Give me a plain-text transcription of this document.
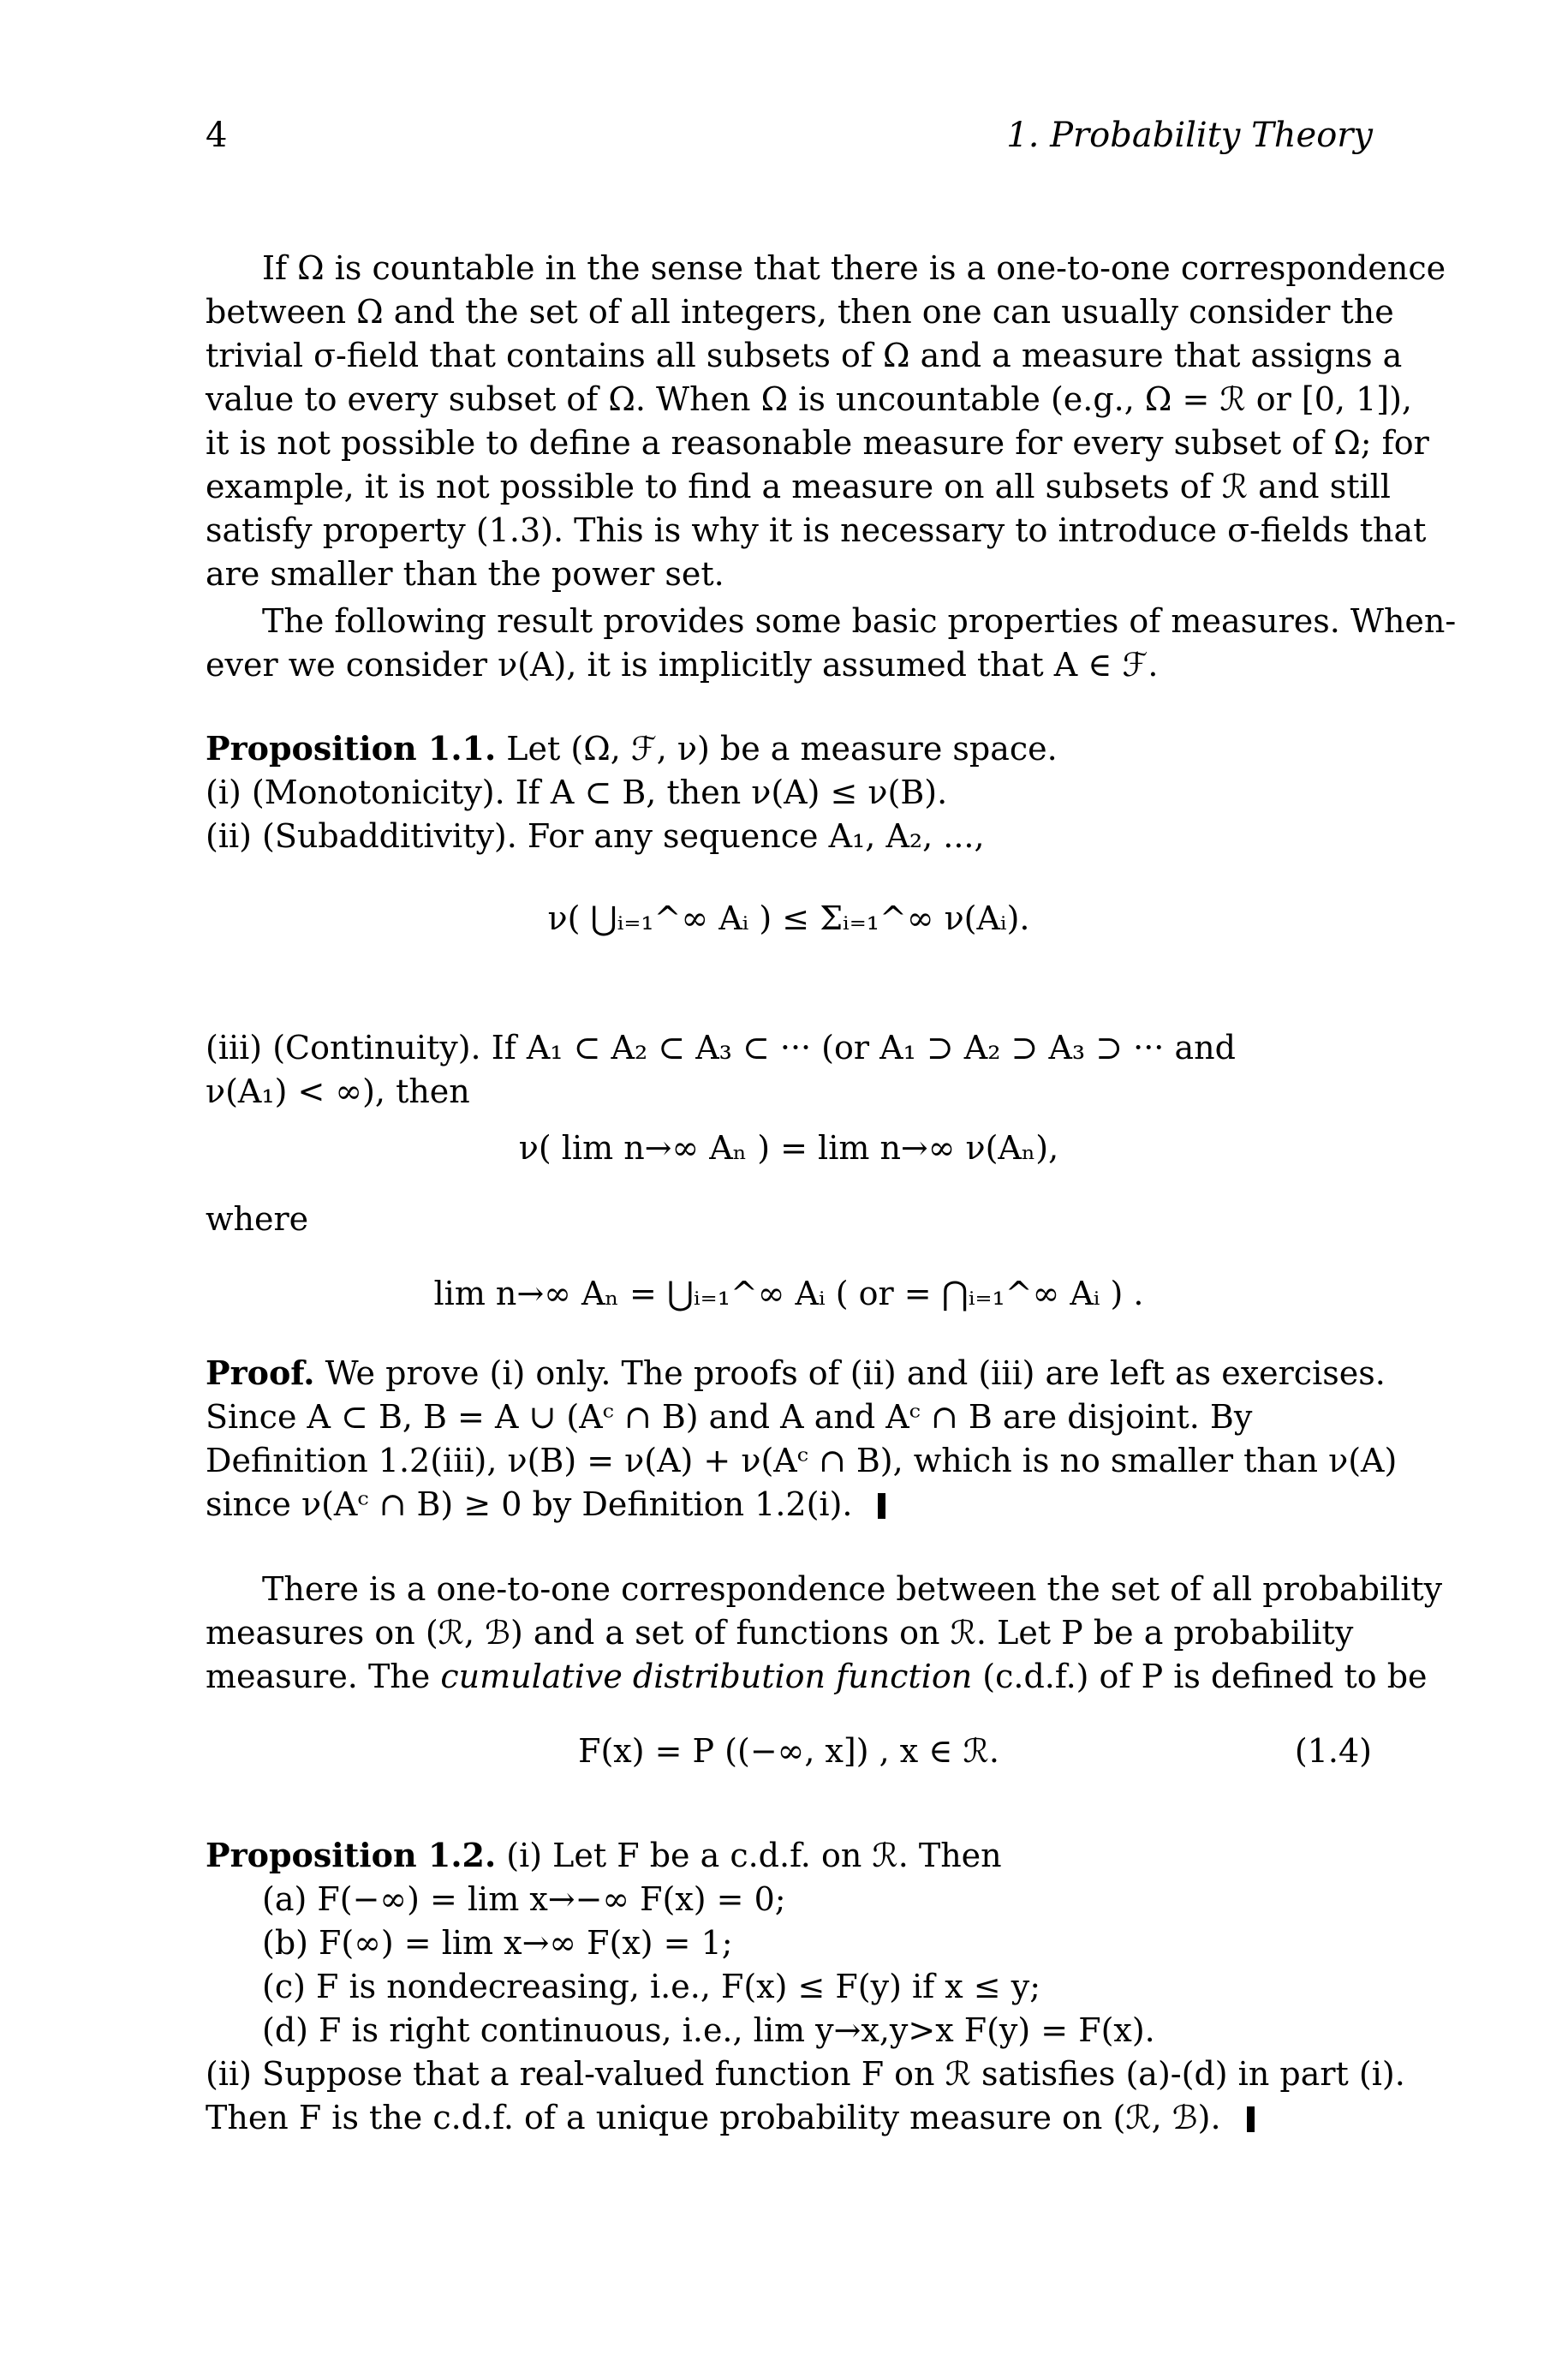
4	1. Probability Theory
If Ω is countable in the sense that there is a one-to-one correspondence
between Ω and the set of all integers, then one can usually consider the
trivial σ-field that contains all subsets of Ω and a measure that assigns a
value to every subset of Ω. When Ω is uncountable (e.g., Ω = ℛ or [0, 1]),
it is not possible to define a reasonable measure for every subset of Ω; for
example, it is not possible to find a measure on all subsets of ℛ and still
satisfy property (1.3). This is why it is necessary to introduce σ-fields that
are smaller than the power set.
The following result provides some basic properties of measures. When-
ever we consider ν(A), it is implicitly assumed that A ∈ ℱ.
Proposition 1.1. Let (Ω, ℱ, ν) be a measure space.
(i) (Monotonicity). If A ⊂ B, then ν(A) ≤ ν(B).
(ii) (Subadditivity). For any sequence A₁, A₂, ...,
ν( ⋃ᵢ₌₁^∞ Aᵢ ) ≤ Σᵢ₌₁^∞ ν(Aᵢ).
(iii) (Continuity). If A₁ ⊂ A₂ ⊂ A₃ ⊂ ··· (or A₁ ⊃ A₂ ⊃ A₃ ⊃ ··· and
ν(A₁) < ∞), then
ν( lim n→∞ Aₙ ) = lim n→∞ ν(Aₙ),
where
lim n→∞ Aₙ = ⋃ᵢ₌₁^∞ Aᵢ ( or = ⋂ᵢ₌₁^∞ Aᵢ ) .
Proof. We prove (i) only. The proofs of (ii) and (iii) are left as exercises.
Since A ⊂ B, B = A ∪ (Aᶜ ∩ B) and A and Aᶜ ∩ B are disjoint. By
Definition 1.2(iii), ν(B) = ν(A) + ν(Aᶜ ∩ B), which is no smaller than ν(A)
since ν(Aᶜ ∩ B) ≥ 0 by Definition 1.2(i).
There is a one-to-one correspondence between the set of all probability
measures on (ℛ, ℬ) and a set of functions on ℛ. Let P be a probability
measure. The cumulative distribution function (c.d.f.) of P is defined to be
F(x) = P ((−∞, x]) , x ∈ ℛ.	(1.4)
Proposition 1.2. (i) Let F be a c.d.f. on ℛ. Then
(a) F(−∞) = lim x→−∞ F(x) = 0;
(b) F(∞) = lim x→∞ F(x) = 1;
(c) F is nondecreasing, i.e., F(x) ≤ F(y) if x ≤ y;
(d) F is right continuous, i.e., lim y→x,y>x F(y) = F(x).
(ii) Suppose that a real-valued function F on ℛ satisfies (a)-(d) in part (i).
Then F is the c.d.f. of a unique probability measure on (ℛ, ℬ).
